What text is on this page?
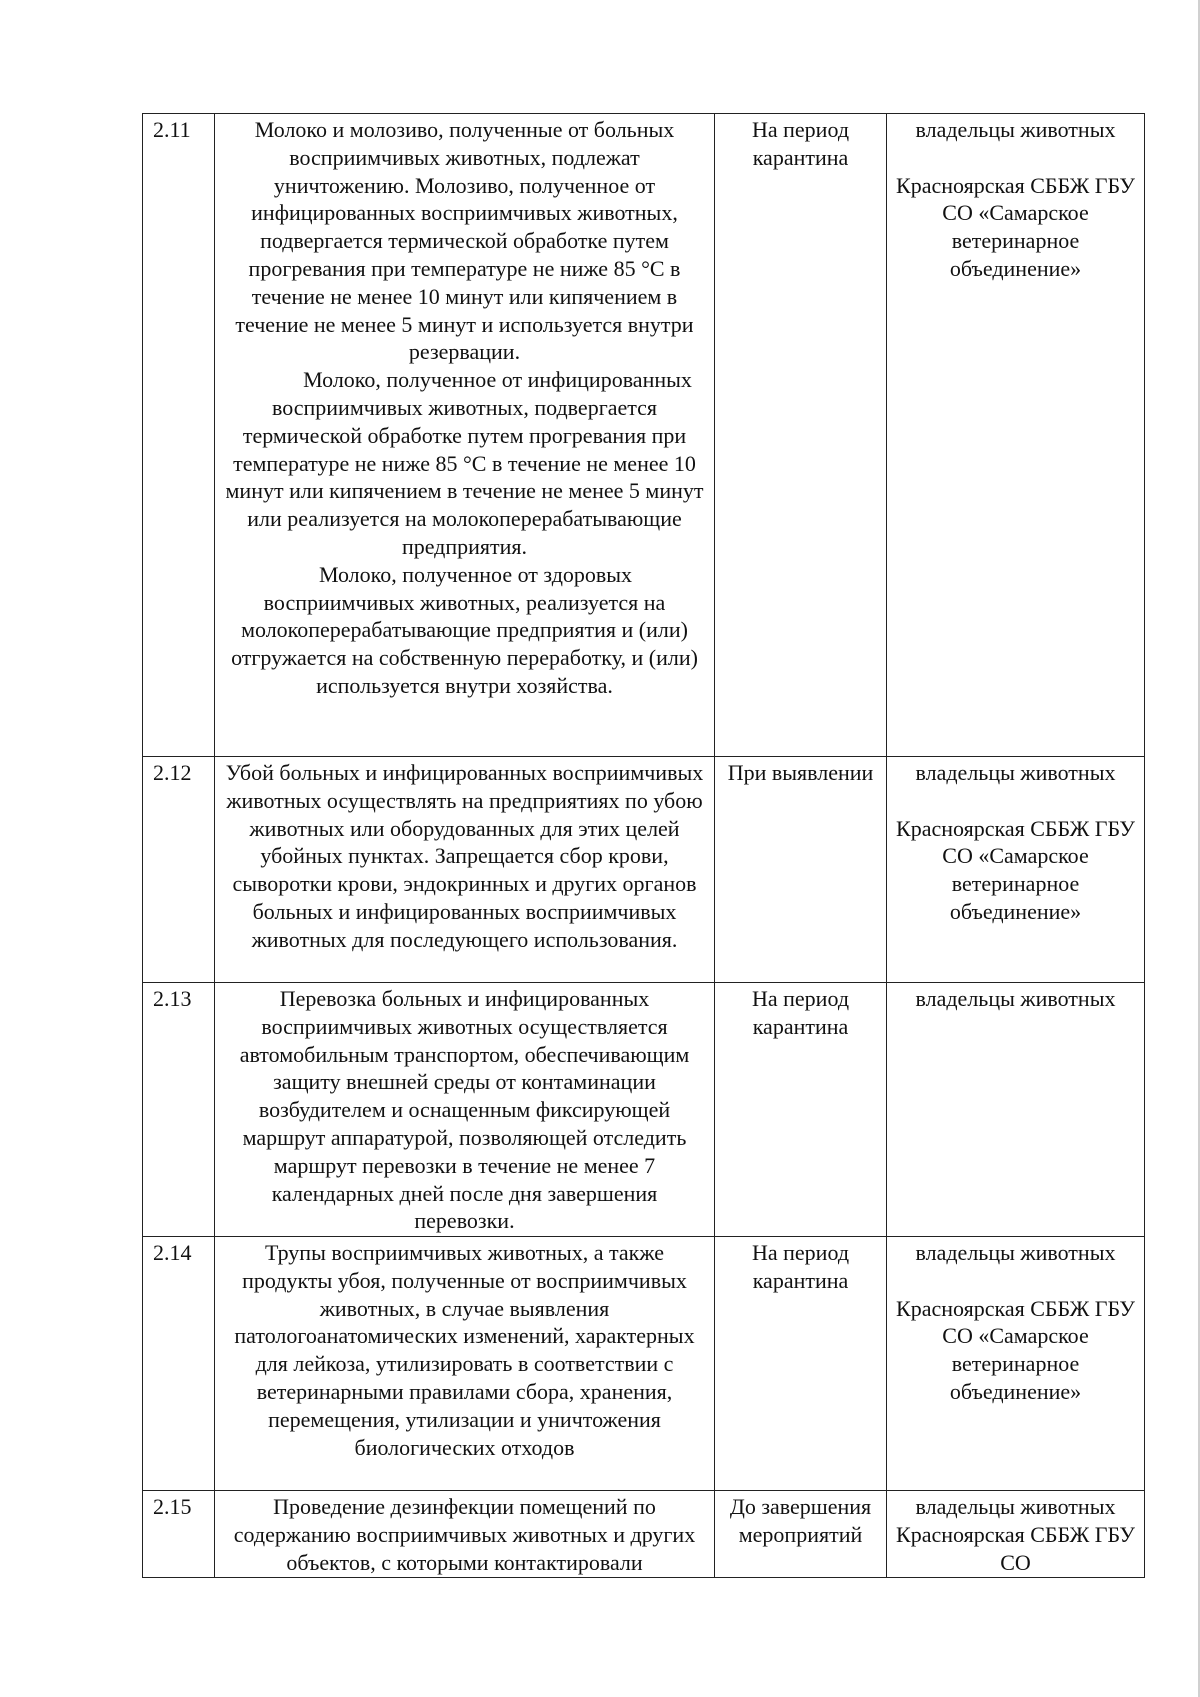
2.11	Молоко и молозиво, полученные от больных восприимчивых животных, подлежат уничтожению. Молозиво, полученное от инфицированных восприимчивых животных, подвергается термической обработке путем прогревания при температуре не ниже 85 °С в течение не менее 10 минут или кипячением в течение не менее 5 минут и используется внутри резервации.
Молоко, полученное от инфицированных восприимчивых животных, подвергается термической обработке путем прогревания при температуре не ниже 85 °С в течение не менее 10 минут или кипячением в течение не менее 5 минут или реализуется на молокоперерабатывающие предприятия.
Молоко, полученное от здоровых восприимчивых животных, реализуется на молокоперерабатывающие предприятия и (или) отгружается на собственную переработку, и (или) используется внутри хозяйства.	На период карантина	владельцы животных
Красноярская СББЖ ГБУ СО «Самарское ветеринарное объединение»

2.12	Убой больных и инфицированных восприимчивых животных осуществлять на предприятиях по убою животных или оборудованных для этих целей убойных пунктах. Запрещается сбор крови, сыворотки крови, эндокринных и других органов больных и инфицированных восприимчивых животных для последующего использования.	При выявлении	владельцы животных
Красноярская СББЖ ГБУ СО «Самарское ветеринарное объединение»

2.13	Перевозка больных и инфицированных восприимчивых животных осуществляется автомобильным транспортом, обеспечивающим защиту внешней среды от контаминации возбудителем и оснащенным фиксирующей маршрут аппаратурой, позволяющей отследить маршрут перевозки в течение не менее 7 календарных дней после дня завершения перевозки.	На период карантина	владельцы животных

2.14	Трупы восприимчивых животных, а также продукты убоя, полученные от восприимчивых животных, в случае выявления патологоанатомических изменений, характерных для лейкоза, утилизировать в соответствии с ветеринарными правилами сбора, хранения, перемещения, утилизации и уничтожения биологических отходов	На период карантина	владельцы животных
Красноярская СББЖ ГБУ СО «Самарское ветеринарное объединение»

2.15	Проведение дезинфекции помещений по содержанию восприимчивых животных и других объектов, с которыми контактировали	До завершения мероприятий	владельцы животных
Красноярская СББЖ ГБУ СО
